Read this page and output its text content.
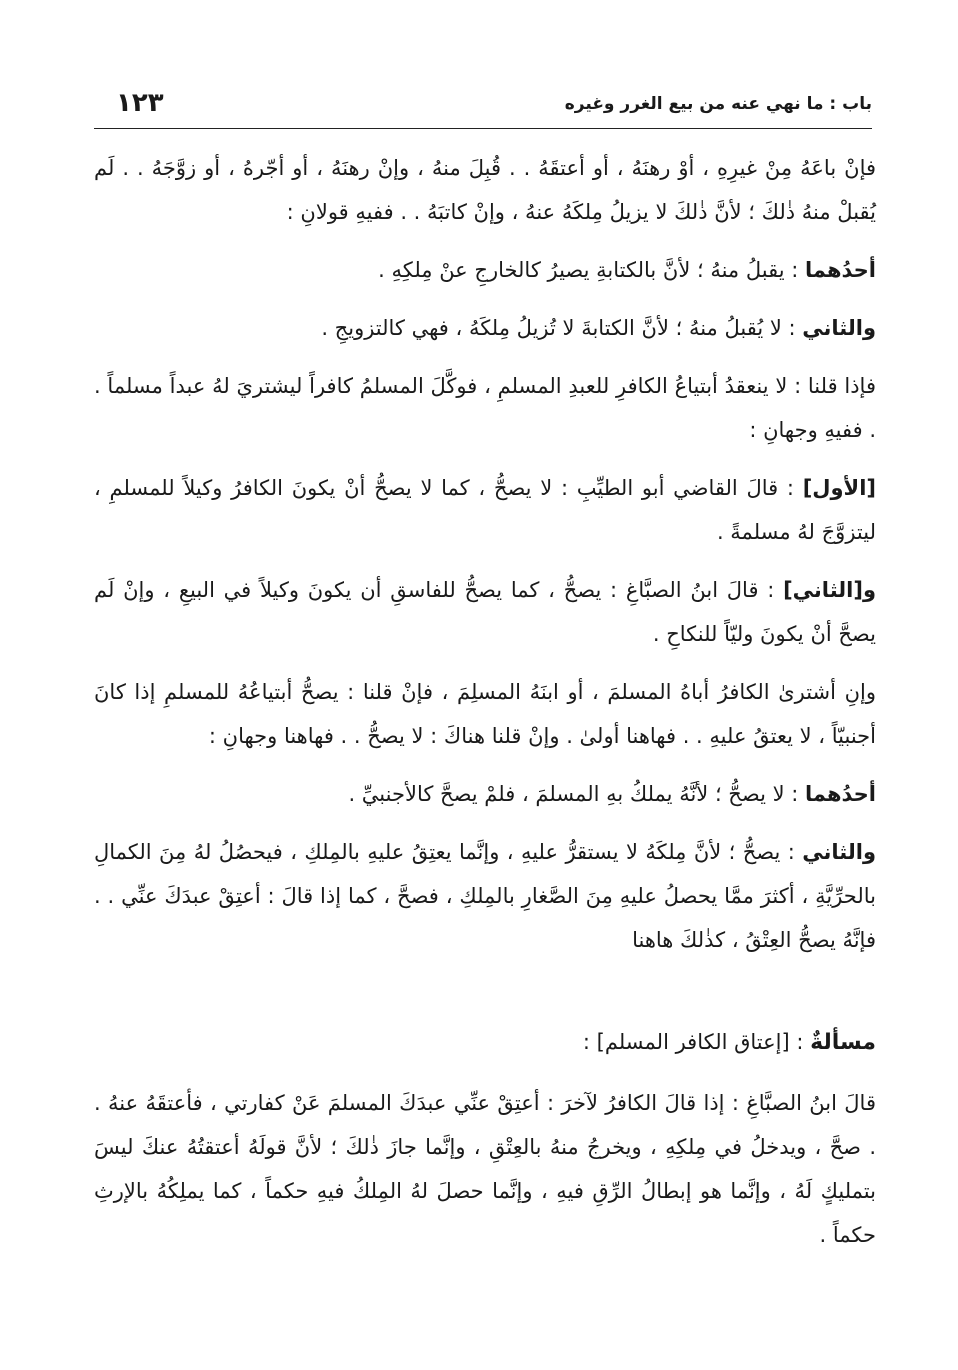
باب : ما نهي عنه من بيع الغرر وغيره
١٢٣

فإنْ باعَهُ مِنْ غيرِهِ ، أوْ رهنَهُ ، أو أعتقَهُ . . قُبِلَ منهُ ، وإنْ رهنَهُ ، أو أجّرهُ ، أو زوَّجَهُ . . لَم يُقبلْ منهُ ذٰلكَ ؛ لأنَّ ذٰلكَ لا يزيلُ مِلكَهُ عنهُ ، وإنْ كاتبَهُ . . ففيهِ قولانِ :

أحدُهما : يقبلُ منهُ ؛ لأنَّ بالكتابةِ يصيرُ كالخارجِ عنْ مِلكِهِ .

والثاني : لا يُقبلُ منهُ ؛ لأنَّ الكتابةَ لا تُزيلُ مِلكَهُ ، فهي كالتزويجِ .

فإذا قلنا : لا ينعقدُ أبتياعُ الكافرِ للعبدِ المسلمِ ، فوكَّلَ المسلمُ كافراً ليشتريَ لهُ عبداً مسلماً . . ففيهِ وجهانِ :

[الأول] : قالَ القاضي أبو الطيِّبِ : لا يصحُّ ، كما لا يصحُّ أنْ يكونَ الكافرُ وكيلاً للمسلمِ ، ليتزوَّجَ لهُ مسلمةً .

و[الثاني] : قالَ ابنُ الصبَّاغِ : يصحُّ ، كما يصحُّ للفاسقِ أن يكونَ وكيلاً في البيعِ ، وإنْ لَم يصحَّ أنْ يكونَ وليّاً للنكاحِ .

وإنِ أشترىٰ الكافرُ أباهُ المسلمَ ، أو ابنَهُ المسلِمَ ، فإنْ قلنا : يصحُّ أبتياعُهُ للمسلمِ إذا كانَ أجنبيّاً ، لا يعتقُ عليهِ . . فهاهنا أولىٰ . وإنْ قلنا هناكَ : لا يصحُّ . . فهاهنا وجهانِ :

أحدُهما : لا يصحُّ ؛ لأنَّهُ يملكُ بهِ المسلمَ ، فلمْ يصحَّ كالأجنبيِّ .

والثاني : يصحُّ ؛ لأنَّ مِلكَهُ لا يستقرُّ عليهِ ، وإنَّما يعتِقُ عليهِ بالمِلكِ ، فيحصُلُ لهُ مِنَ الكمالِ بالحرِّيَّةِ ، أكثرَ ممَّا يحصلُ عليهِ مِنَ الصَّغارِ بالمِلكِ ، فصحَّ ، كما إذا قالَ : أعتِقْ عبدَكَ عنِّي . . فإنَّهُ يصحُّ العِتْقُ ، كذٰلكَ هاهنا

مسألةٌ : [إعتاق الكافر المسلم] :

قالَ ابنُ الصبَّاغِ : إذا قالَ الكافرُ لآخرَ : أعتِقْ عنِّي عبدَكَ المسلمَ عَنْ كفارتي ، فأعتقَهُ عنهُ . . صحَّ ، ويدخلُ في مِلكِهِ ، ويخرجُ منهُ بالعِتْقِ ، وإنَّما جازَ ذٰلكَ ؛ لأنَّ قولَهُ أعتقتُهُ عنكَ ليسَ بتمليكٍ لَهُ ، وإنَّما هو إبطالُ الرِّقِ فيهِ ، وإنَّما حصلَ لهُ المِلكُ فيهِ حكماً ، كما يملِكُهُ بالإرثِ حكماً .
